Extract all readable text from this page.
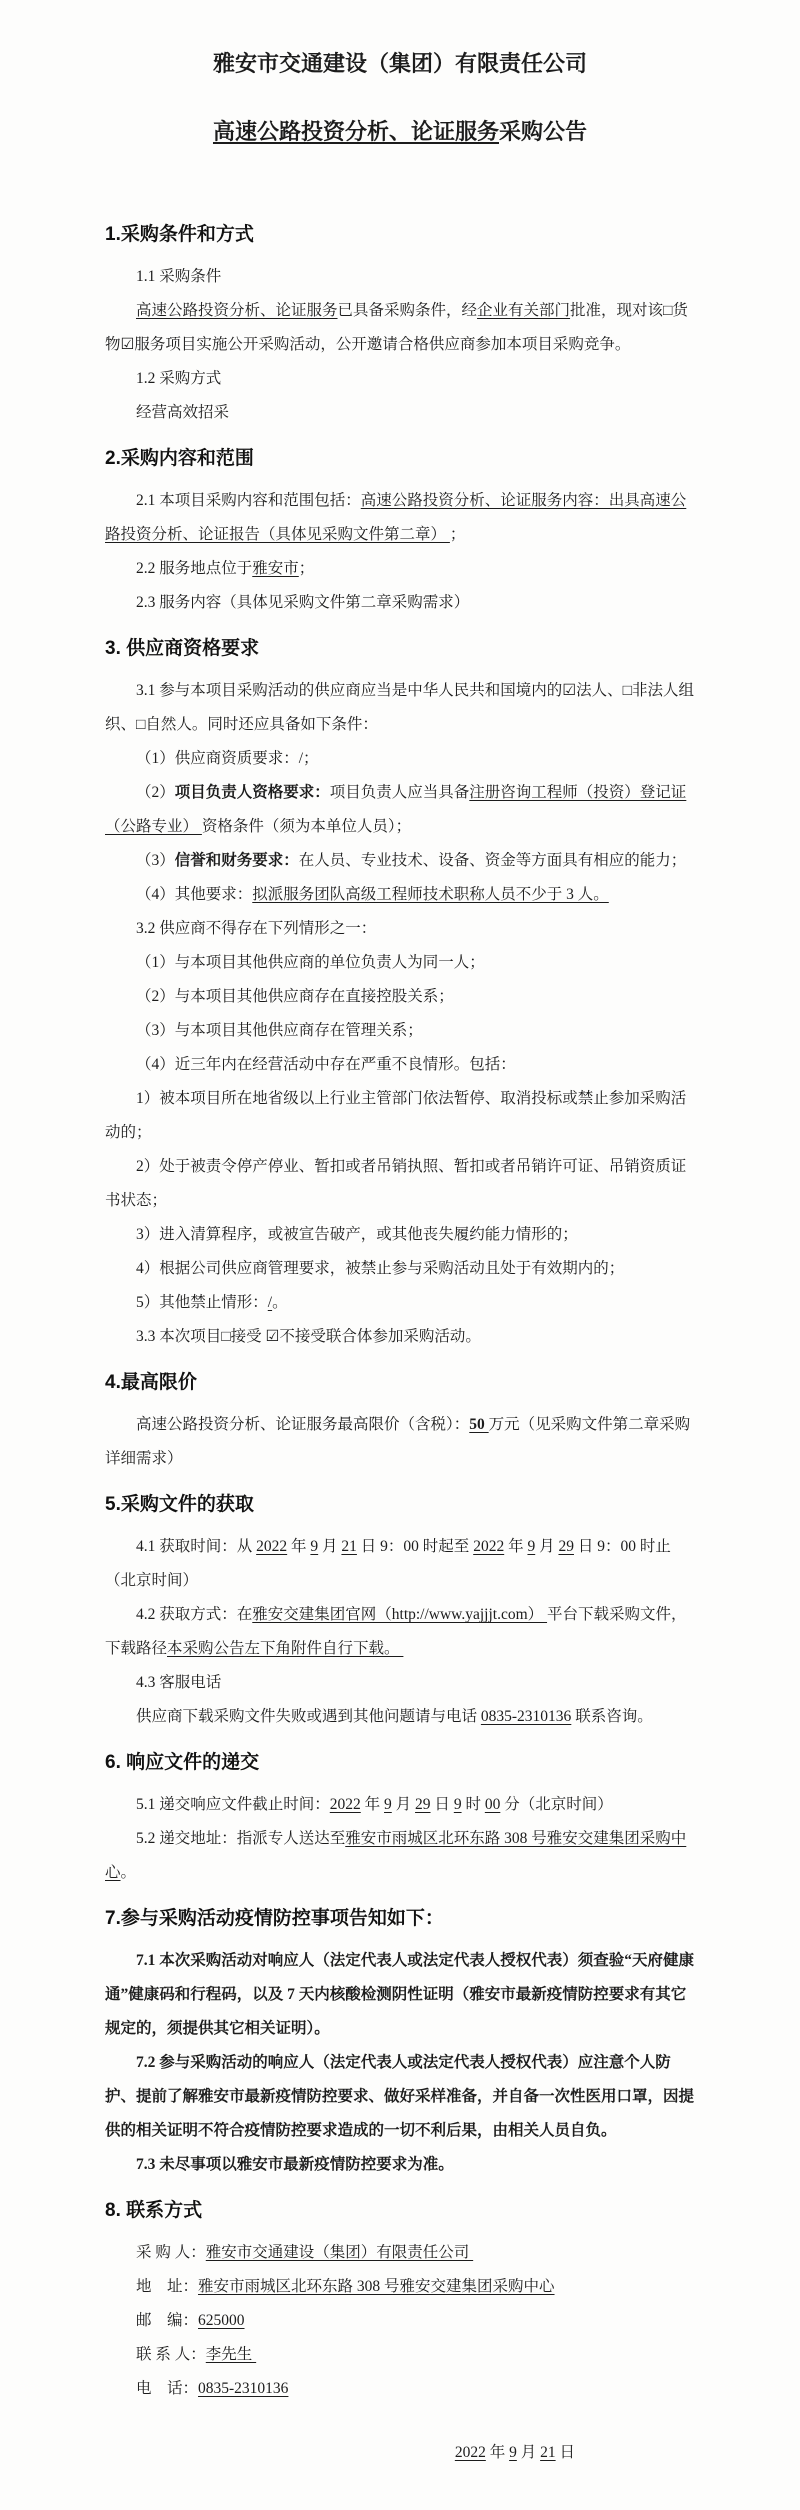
雅安市交通建设（集团）有限责任公司
高速公路投资分析、论证服务采购公告
1.采购条件和方式

1.1 采购条件

高速公路投资分析、论证服务已具备采购条件，经企业有关部门批准，现对该□货物☑服务项目实施公开采购活动，公开邀请合格供应商参加本项目采购竞争。

1.2 采购方式

经营高效招采

2.采购内容和范围

2.1 本项目采购内容和范围包括：高速公路投资分析、论证服务内容：出具高速公路投资分析、论证报告（具体见采购文件第二章） ；

2.2 服务地点位于雅安市；

2.3 服务内容（具体见采购文件第二章采购需求）

3. 供应商资格要求

3.1 参与本项目采购活动的供应商应当是中华人民共和国境内的☑法人、□非法人组织、□自然人。同时还应具备如下条件：

（1）供应商资质要求：/；

（2）项目负责人资格要求：项目负责人应当具备注册咨询工程师（投资）登记证（公路专业） 资格条件（须为本单位人员）；

（3）信誉和财务要求：在人员、专业技术、设备、资金等方面具有相应的能力；

（4）其他要求：拟派服务团队高级工程师技术职称人员不少于 3 人。

3.2 供应商不得存在下列情形之一：

（1）与本项目其他供应商的单位负责人为同一人；

（2）与本项目其他供应商存在直接控股关系；

（3）与本项目其他供应商存在管理关系；

（4）近三年内在经营活动中存在严重不良情形。包括：

1）被本项目所在地省级以上行业主管部门依法暂停、取消投标或禁止参加采购活动的；

2）处于被责令停产停业、暂扣或者吊销执照、暂扣或者吊销许可证、吊销资质证书状态；

3）进入清算程序，或被宣告破产，或其他丧失履约能力情形的；

4）根据公司供应商管理要求，被禁止参与采购活动且处于有效期内的；

5）其他禁止情形：/。

3.3 本次项目□接受 ☑不接受联合体参加采购活动。

4.最高限价

高速公路投资分析、论证服务最高限价（含税）：50 万元（见采购文件第二章采购详细需求）

5.采购文件的获取

4.1 获取时间：从 2022 年 9 月 21 日 9：00 时起至 2022 年 9 月 29 日 9：00 时止（北京时间）

4.2 获取方式：在雅安交建集团官网（http://www.yajjjt.com） 平台下载采购文件，下载路径本采购公告左下角附件自行下载。

4.3 客服电话

供应商下载采购文件失败或遇到其他问题请与电话 0835-2310136 联系咨询。

6. 响应文件的递交

5.1 递交响应文件截止时间：2022 年 9 月 29 日 9 时 00 分（北京时间）

5.2 递交地址：指派专人送达至雅安市雨城区北环东路 308 号雅安交建集团采购中心。

7.参与采购活动疫情防控事项告知如下：

7.1 本次采购活动对响应人（法定代表人或法定代表人授权代表）须查验“天府健康通”健康码和行程码，以及 7 天内核酸检测阴性证明（雅安市最新疫情防控要求有其它规定的，须提供其它相关证明）。

7.2 参与采购活动的响应人（法定代表人或法定代表人授权代表）应注意个人防护、提前了解雅安市最新疫情防控要求、做好采样准备，并自备一次性医用口罩，因提供的相关证明不符合疫情防控要求造成的一切不利后果，由相关人员自负。

7.3 未尽事项以雅安市最新疫情防控要求为准。

8. 联系方式

采 购 人：雅安市交通建设（集团）有限责任公司

地    址：雅安市雨城区北环东路 308 号雅安交建集团采购中心

邮    编：625000

联 系 人：李先生

电    话：0835-2310136

2022 年 9 月 21 日
